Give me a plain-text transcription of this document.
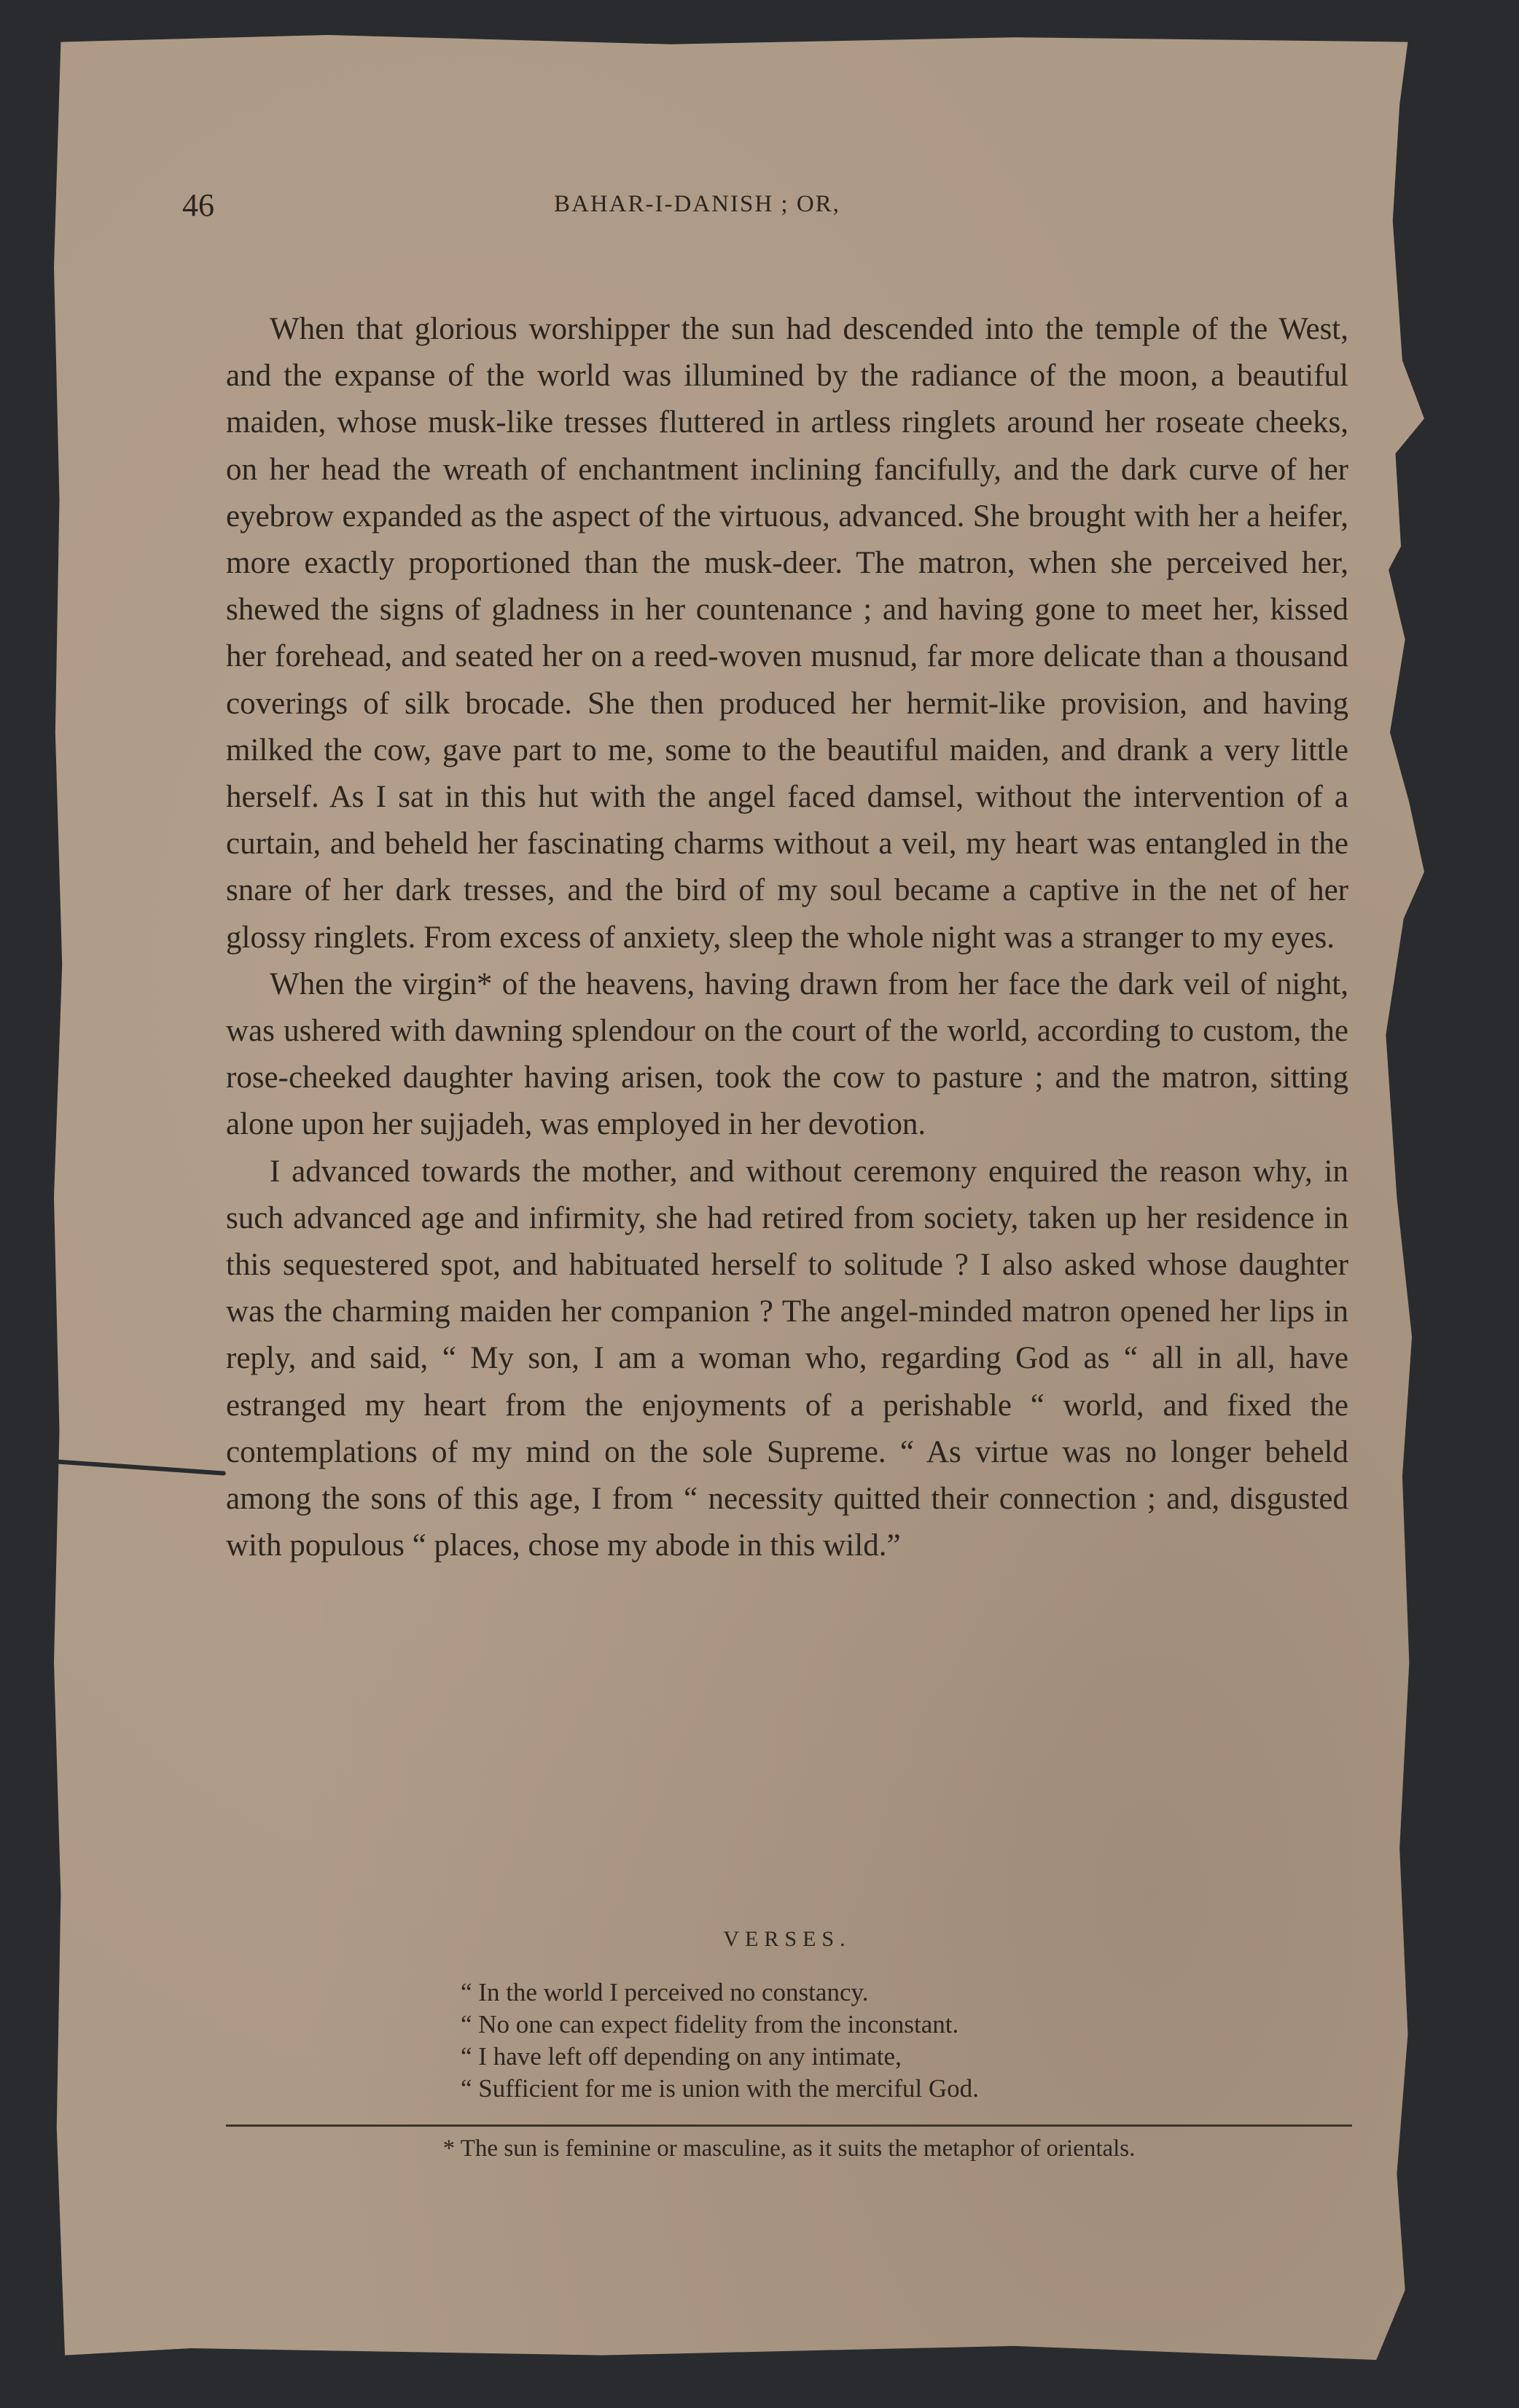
46	BAHAR-I-DANISH ; OR,

When that glorious worshipper the sun had descended into the temple of the West, and the expanse of the world was illumined by the radiance of the moon, a beautiful maiden, whose musk-like tresses fluttered in artless ringlets around her roseate cheeks, on her head the wreath of enchantment inclining fancifully, and the dark curve of her eyebrow expanded as the aspect of the virtuous, advanced. She brought with her a heifer, more exactly proportioned than the musk-deer. The matron, when she perceived her, shewed the signs of gladness in her countenance ; and having gone to meet her, kissed her forehead, and seated her on a reed-woven musnud, far more delicate than a thousand coverings of silk brocade. She then produced her hermit-like provision, and having milked the cow, gave part to me, some to the beautiful maiden, and drank a very little herself. As I sat in this hut with the angel faced damsel, without the intervention of a curtain, and beheld her fascinating charms without a veil, my heart was entangled in the snare of her dark tresses, and the bird of my soul became a captive in the net of her glossy ringlets. From excess of anxiety, sleep the whole night was a stranger to my eyes.

When the virgin* of the heavens, having drawn from her face the dark veil of night, was ushered with dawning splendour on the court of the world, according to custom, the rose-cheeked daughter having arisen, took the cow to pasture ; and the matron, sitting alone upon her sujjadeh, was employed in her devotion.

I advanced towards the mother, and without ceremony enquired the reason why, in such advanced age and infirmity, she had retired from society, taken up her residence in this sequestered spot, and habituated herself to solitude ? I also asked whose daughter was the charming maiden her companion ? The angel-minded matron opened her lips in reply, and said, “ My son, I am a woman who, regarding God as “ all in all, have estranged my heart from the enjoyments of a perishable “ world, and fixed the contemplations of my mind on the sole Supreme. “ As virtue was no longer beheld among the sons of this age, I from “ necessity quitted their connection ; and, disgusted with populous “ places, chose my abode in this wild.”

VERSES.
“ In the world I perceived no constancy.
“ No one can expect fidelity from the inconstant.
“ I have left off depending on any intimate,
“ Sufficient for me is union with the merciful God.
* The sun is feminine or masculine, as it suits the metaphor of orientals.
